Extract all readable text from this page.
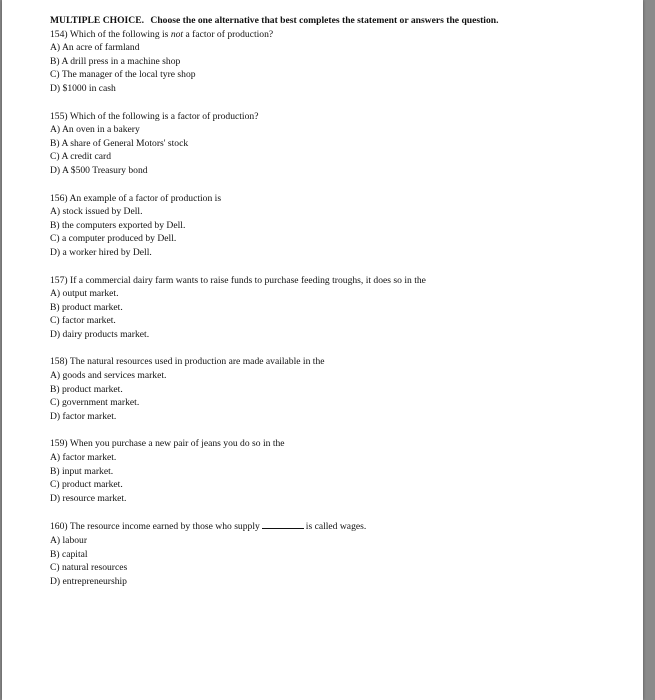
MULTIPLE CHOICE. Choose the one alternative that best completes the statement or answers the question.
154) Which of the following is not a factor of production?
A) An acre of farmland
B) A drill press in a machine shop
C) The manager of the local tyre shop
D) $1000 in cash
155) Which of the following is a factor of production?
A) An oven in a bakery
B) A share of General Motors' stock
C) A credit card
D) A $500 Treasury bond
156) An example of a factor of production is
A) stock issued by Dell.
B) the computers exported by Dell.
C) a computer produced by Dell.
D) a worker hired by Dell.
157) If a commercial dairy farm wants to raise funds to purchase feeding troughs, it does so in the
A) output market.
B) product market.
C) factor market.
D) dairy products market.
158) The natural resources used in production are made available in the
A) goods and services market.
B) product market.
C) government market.
D) factor market.
159) When you purchase a new pair of jeans you do so in the
A) factor market.
B) input market.
C) product market.
D) resource market.
160) The resource income earned by those who supply	is called wages.
A) labour
B) capital
C) natural resources
D) entrepreneurship
